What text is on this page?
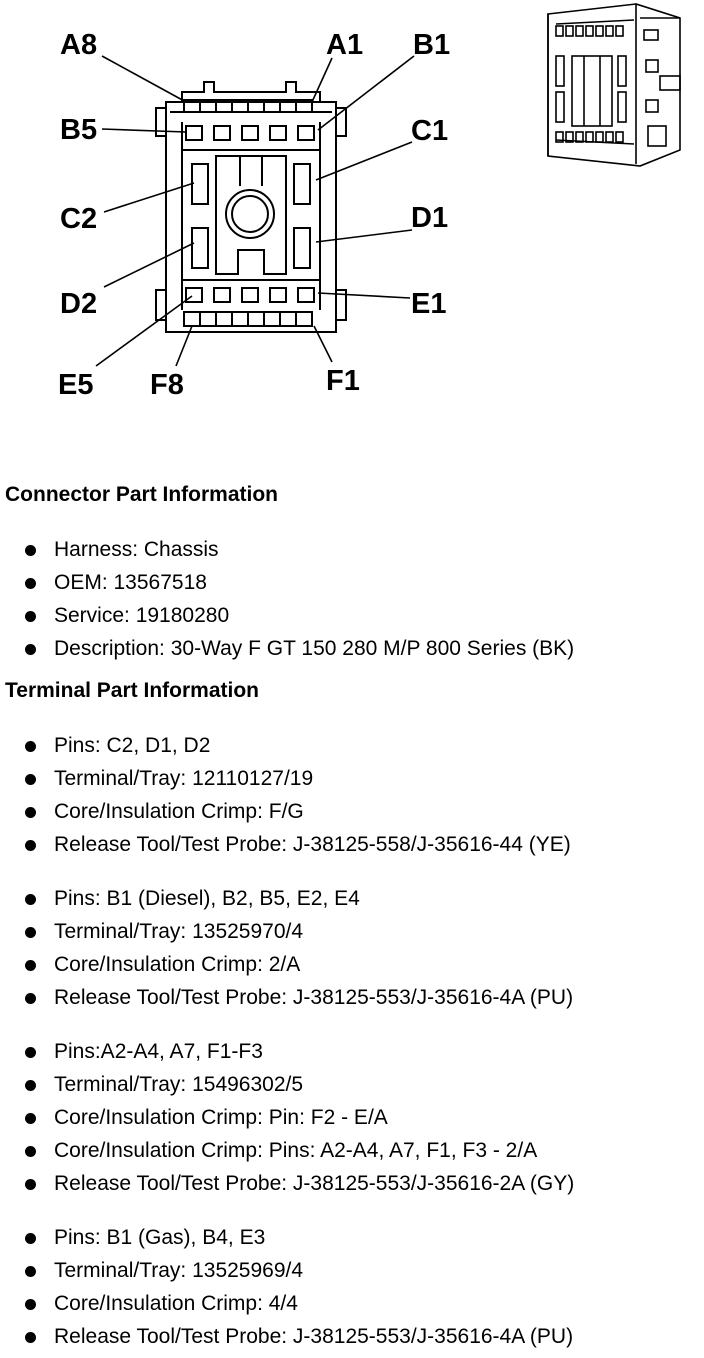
A8	A1 B1
B5	C1
C2	D1
D2	E1
E5 F8	F1
Connector Part Information
Harness: Chassis
OEM: 13567518
Service: 19180280
Description: 30-Way F GT 150 280 M/P 800 Series (BK)
Terminal Part Information
Pins: C2, D1, D2
Terminal/Tray: 12110127/19
Core/Insulation Crimp: F/G
Release Tool/Test Probe: J-38125-558/J-35616-44 (YE)
Pins: B1 (Diesel), B2, B5, E2, E4
Terminal/Tray: 13525970/4
Core/Insulation Crimp: 2/A
Release Tool/Test Probe: J-38125-553/J-35616-4A (PU)
Pins:A2-A4, A7, F1-F3
Terminal/Tray: 15496302/5
Core/Insulation Crimp: Pin: F2 - E/A
Core/Insulation Crimp: Pins: A2-A4, A7, F1, F3 - 2/A
Release Tool/Test Probe: J-38125-553/J-35616-2A (GY)
Pins: B1 (Gas), B4, E3
Terminal/Tray: 13525969/4
Core/Insulation Crimp: 4/4
Release Tool/Test Probe: J-38125-553/J-35616-4A (PU)
